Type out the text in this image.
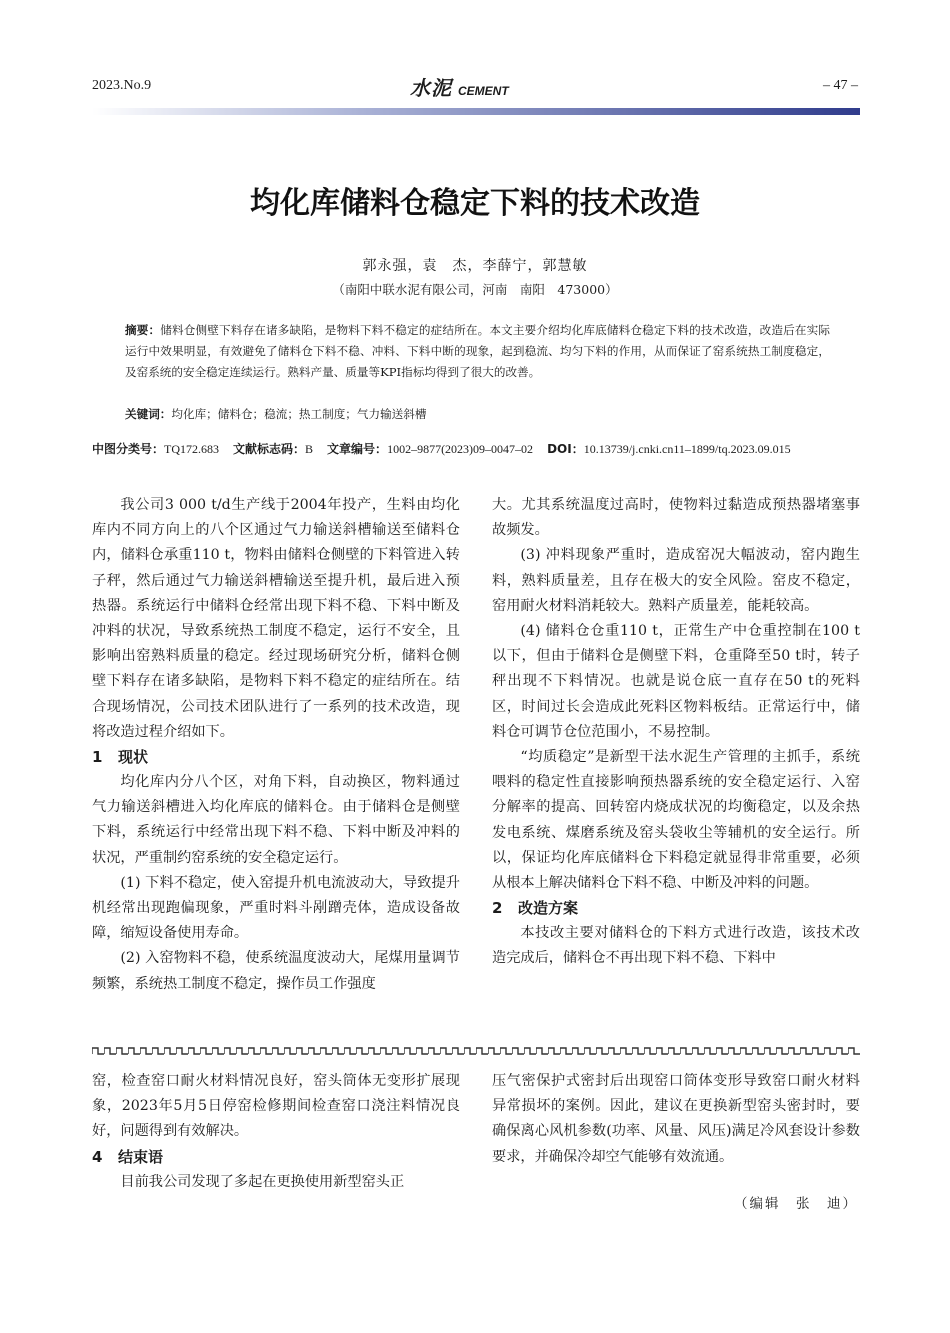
2023.No.9	水泥 CEMENT	– 47 –
均化库储料仓稳定下料的技术改造
郭永强，袁　杰，李薛宁，郭慧敏
（南阳中联水泥有限公司，河南　南阳　473000）
摘要：储料仓侧壁下料存在诸多缺陷，是物料下料不稳定的症结所在。本文主要介绍均化库底储料仓稳定下料的技术改造，改造后在实际运行中效果明显，有效避免了储料仓下料不稳、冲料、下料中断的现象，起到稳流、均匀下料的作用，从而保证了窑系统热工制度稳定，及窑系统的安全稳定连续运行。熟料产量、质量等KPI指标均得到了很大的改善。
关键词：均化库；储料仓；稳流；热工制度；气力输送斜槽
中图分类号：TQ172.683 文献标志码：B 文章编号：1002–9877(2023)09–0047–02 DOI：10.13739/j.cnki.cn11–1899/tq.2023.09.015

我公司3 000 t/d生产线于2004年投产，生料由均化库内不同方向上的八个区通过气力输送斜槽输送至储料仓内，储料仓承重110 t，物料由储料仓侧壁的下料管进入转子秤，然后通过气力输送斜槽输送至提升机，最后进入预热器。系统运行中储料仓经常出现下料不稳、下料中断及冲料的状况，导致系统热工制度不稳定，运行不安全，且影响出窑熟料质量的稳定。经过现场研究分析，储料仓侧壁下料存在诸多缺陷，是物料下料不稳定的症结所在。结合现场情况，公司技术团队进行了一系列的技术改造，现将改造过程介绍如下。

1 现状

均化库内分八个区，对角下料，自动换区，物料通过气力输送斜槽进入均化库底的储料仓。由于储料仓是侧壁下料，系统运行中经常出现下料不稳、下料中断及冲料的状况，严重制约窑系统的安全稳定运行。

(1) 下料不稳定，使入窑提升机电流波动大，导致提升机经常出现跑偏现象，严重时料斗剐蹭壳体，造成设备故障，缩短设备使用寿命。

(2) 入窑物料不稳，使系统温度波动大，尾煤用量调节频繁，系统热工制度不稳定，操作员工作强度

大。尤其系统温度过高时，使物料过黏造成预热器堵塞事故频发。

(3) 冲料现象严重时，造成窑况大幅波动，窑内跑生料，熟料质量差，且存在极大的安全风险。窑皮不稳定，窑用耐火材料消耗较大。熟料产质量差，能耗较高。

(4) 储料仓仓重110 t，正常生产中仓重控制在100 t以下，但由于储料仓是侧壁下料，仓重降至50 t时，转子秤出现不下料情况。也就是说仓底一直存在50 t的死料区，时间过长会造成此死料区物料板结。正常运行中，储料仓可调节仓位范围小，不易控制。

“均质稳定”是新型干法水泥生产管理的主抓手，系统喂料的稳定性直接影响预热器系统的安全稳定运行、入窑分解率的提高、回转窑内烧成状况的均衡稳定，以及余热发电系统、煤磨系统及窑头袋收尘等辅机的安全运行。所以，保证均化库底储料仓下料稳定就显得非常重要，必须从根本上解决储料仓下料不稳、中断及冲料的问题。

2 改造方案

本技改主要对储料仓的下料方式进行改造，该技术改造完成后，储料仓不再出现下料不稳、下料中

窑，检查窑口耐火材料情况良好，窑头筒体无变形扩展现象，2023年5月5日停窑检修期间检查窑口浇注料情况良好，问题得到有效解决。

4 结束语

目前我公司发现了多起在更换使用新型窑头正

压气密保护式密封后出现窑口筒体变形导致窑口耐火材料异常损坏的案例。因此，建议在更换新型窑头密封时，要确保离心风机参数(功率、风量、风压)满足冷风套设计参数要求，并确保冷却空气能够有效流通。

（编辑　张　迪）
